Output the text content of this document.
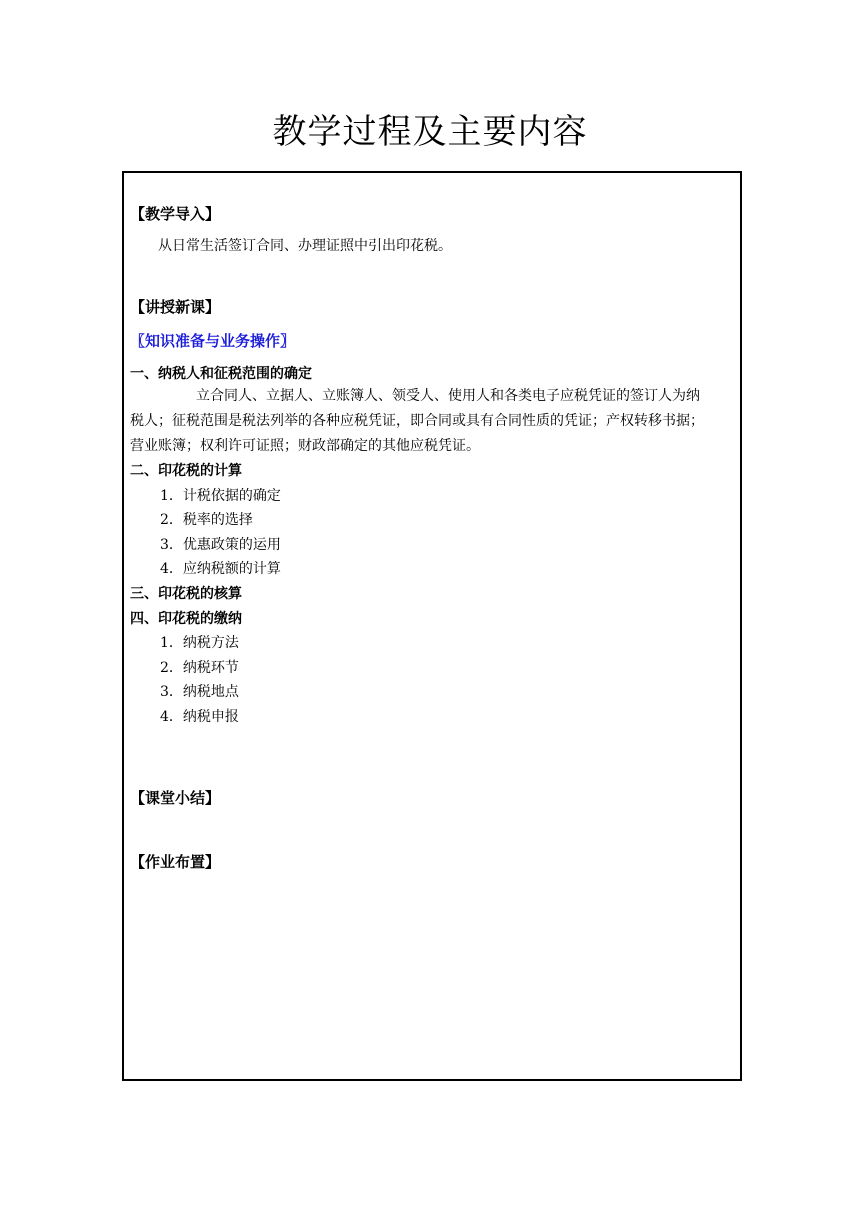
教学过程及主要内容
【教学导入】
从日常生活签订合同、办理证照中引出印花税。
【讲授新课】
〖知识准备与业务操作〗
一、纳税人和征税范围的确定
立合同人、立据人、立账簿人、领受人、使用人和各类电子应税凭证的签订人为纳
税人；征税范围是税法列举的各种应税凭证，即合同或具有合同性质的凭证；产权转移书据；
营业账簿；权利许可证照；财政部确定的其他应税凭证。
二、印花税的计算
1．计税依据的确定
2．税率的选择
3．优惠政策的运用
4．应纳税额的计算
三、印花税的核算
四、印花税的缴纳
1．纳税方法
2．纳税环节
3．纳税地点
4．纳税申报
【课堂小结】
【作业布置】
